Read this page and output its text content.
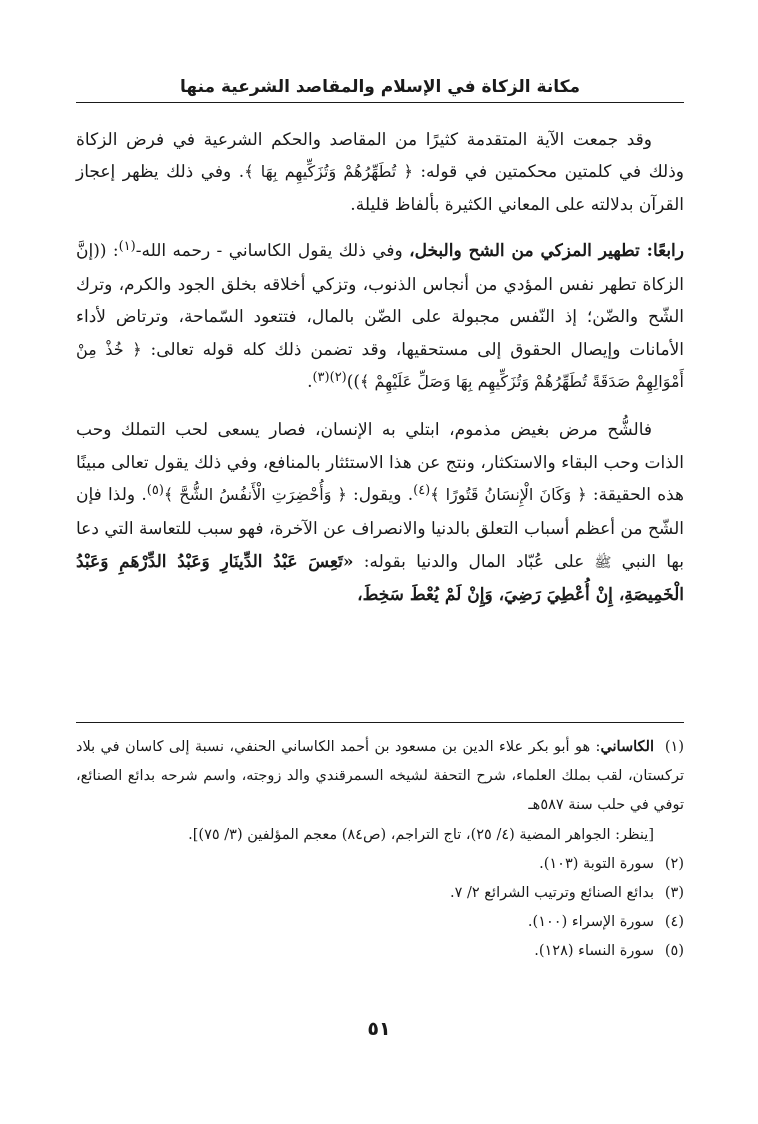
مكانة الزكاة في الإسلام والمقاصد الشرعية منها

وقد جمعت الآية المتقدمة كثيرًا من المقاصد والحكم الشرعية في فرض الزكاة وذلك في كلمتين محكمتين في قوله: ﴿ تُطَهِّرُهُمْ وَتُزَكِّيهِم بِهَا ﴾. وفي ذلك يظهر إعجاز القرآن بدلالته على المعاني الكثيرة بألفاظ قليلة.

رابعًا: تطهير المزكي من الشح والبخل، وفي ذلك يقول الكاساني - رحمه الله-$^{(١)}$: ((إنَّ الزكاة تطهر نفس المؤدي من أنجاس الذنوب، وتزكي أخلاقه بخلق الجود والكرم، وترك الشّح والضّن؛ إذ النّفس مجبولة على الضّن بالمال، فتتعود السّماحة، وترتاض لأداء الأمانات وإيصال الحقوق إلى مستحقيها، وقد تضمن ذلك كله قوله تعالى: ﴿ خُذْ مِنْ أَمْوَالِهِمْ صَدَقَةً تُطَهِّرُهُمْ وَتُزَكِّيهِم بِهَا وَصَلِّ عَلَيْهِمْ ﴾))$^{(٢)(٣)}$.

فالشُّح مرض بغيض مذموم، ابتلي به الإنسان، فصار يسعى لحب التملك وحب الذات وحب البقاء والاستكثار، ونتج عن هذا الاستئثار بالمنافع، وفي ذلك يقول تعالى مبينًا هذه الحقيقة: ﴿ وَكَانَ الْإِنسَانُ قَتُورًا ﴾$^{(٤)}$. ويقول: ﴿ وَأُحْضِرَتِ الْأَنفُسُ الشُّحَّ ﴾$^{(٥)}$. ولذا فإن الشّح من أعظم أسباب التعلق بالدنيا والانصراف عن الآخرة، فهو سبب للتعاسة التي دعا بها النبي ﷺ على عُبّاد المال والدنيا بقوله: «تَعِسَ عَبْدُ الدِّينَارِ وَعَبْدُ الدِّرْهَمِ وَعَبْدُ الْخَمِيصَةِ، إِنْ أُعْطِيَ رَضِيَ، وَإِنْ لَمْ يُعْطَ سَخِطَ،

(١)الكاساني: هو أبو بكر علاء الدين بن مسعود بن أحمد الكاساني الحنفي، نسبة إلى كاسان في بلاد تركستان، لقب بملك العلماء، شرح التحفة لشيخه السمرقندي والد زوجته، واسم شرحه بدائع الصنائع، توفي في حلب سنة ٥٨٧هـ

[ينظر: الجواهر المضية (٤/ ٢٥)، تاج التراجم، (ص٨٤) معجم المؤلفين (٣/ ٧٥)].

(٢)سورة التوبة (١٠٣).

(٣)بدائع الصنائع وترتيب الشرائع ٢/ ٧.

(٤)سورة الإسراء (١٠٠).

(٥)سورة النساء (١٢٨).

٥١
